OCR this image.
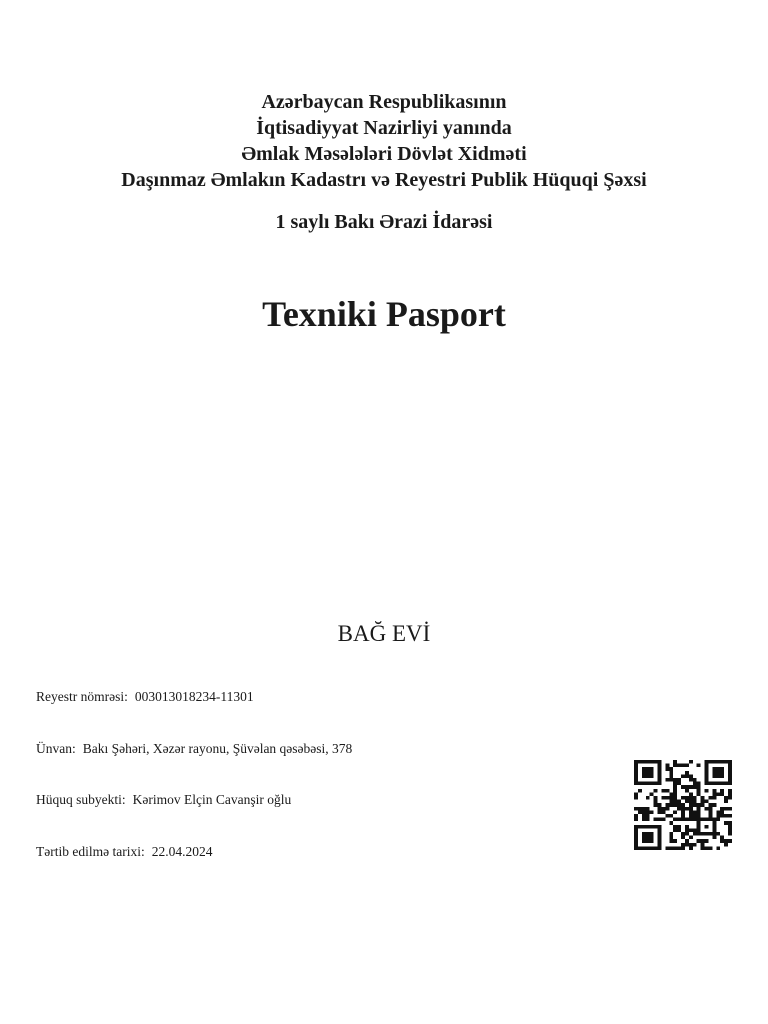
Azərbaycan Respublikasının

İqtisadiyyat Nazirliyi yanında

Əmlak Məsələləri Dövlət Xidməti

Daşınmaz Əmlakın Kadastrı və Reyestri Publik Hüquqi Şəxsi

1 saylı Bakı Ərazi İdarəsi
Texniki Pasport
BAĞ EVİ
Reyestr nömrəsi: 003013018234-11301
Ünvan: Bakı Şəhəri, Xəzər rayonu, Şüvəlan qəsəbəsi, 378
Hüquq subyekti: Kərimov Elçin Cavanşir oğlu
Tərtib edilmə tarixi: 22.04.2024
